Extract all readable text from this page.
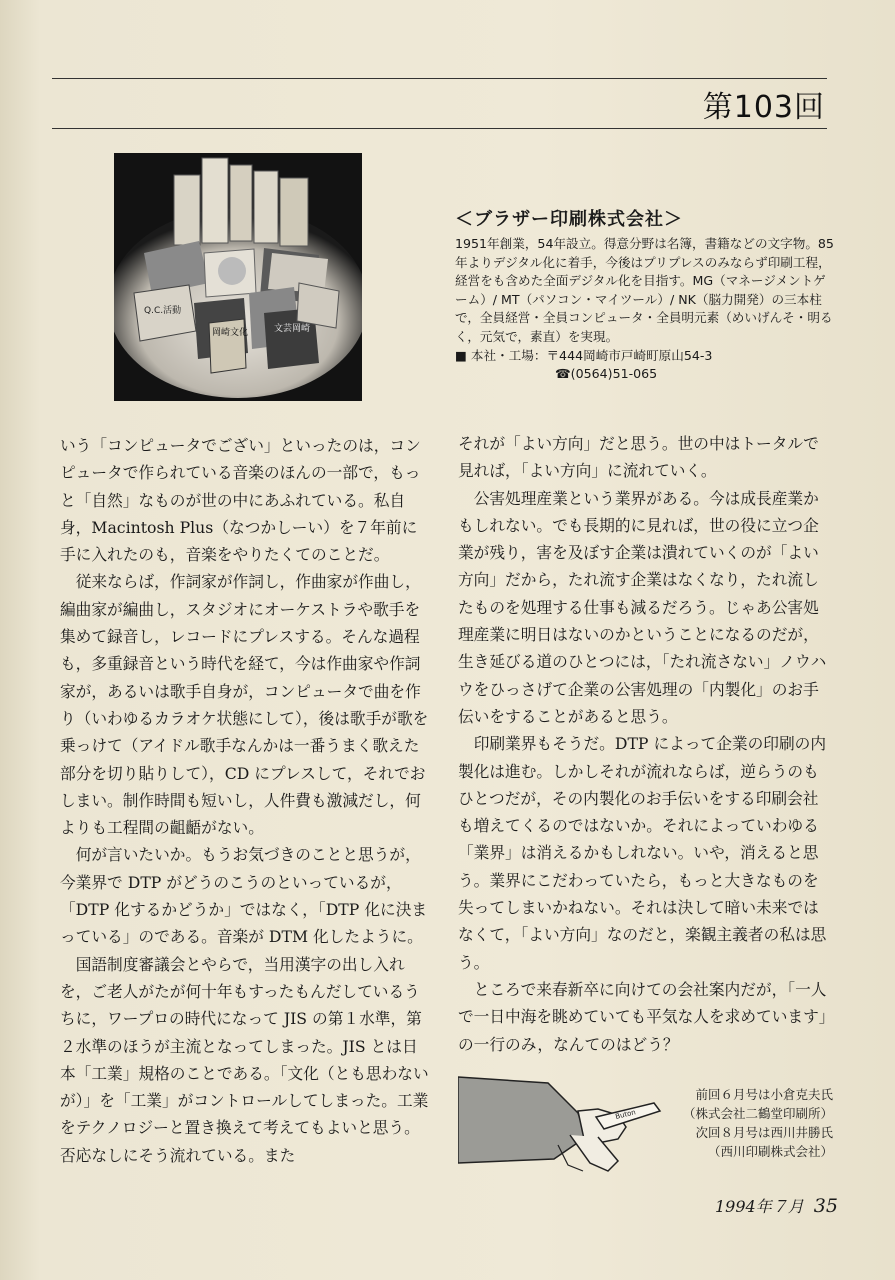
第103回
Q.C.活動
岡崎文化	文芸岡崎
＜ブラザー印刷株式会社＞
1951年創業，54年設立。得意分野は名簿，書籍などの文字物。85年よりデジタル化に着手，今後はプリプレスのみならず印刷工程，経営をも含めた全面デジタル化を目指す。MG（マネージメントゲーム）/ MT（パソコン・マイツール）/ NK（脳力開発）の三本柱で，全員経営・全員コンピュータ・全員明元素（めいげんそ・明るく，元気で，素直）を実現。
■ 本社・工場：〒444岡崎市戸崎町原山54-3
☎(0564)51-065

いう「コンピュータでござい」といったのは，コンピュータで作られている音楽のほんの一部で，もっと「自然」なものが世の中にあふれている。私自身，Macintosh Plus（なつかしーい）を７年前に手に入れたのも，音楽をやりたくてのことだ。

従来ならば，作詞家が作詞し，作曲家が作曲し，編曲家が編曲し，スタジオにオーケストラや歌手を集めて録音し，レコードにプレスする。そんな過程も，多重録音という時代を経て，今は作曲家や作詞家が，あるいは歌手自身が，コンピュータで曲を作り（いわゆるカラオケ状態にして），後は歌手が歌を乗っけて（アイドル歌手なんかは一番うまく歌えた部分を切り貼りして），CD にプレスして，それでおしまい。制作時間も短いし，人件費も激減だし，何よりも工程間の齟齬がない。

何が言いたいか。もうお気づきのことと思うが，今業界で DTP がどうのこうのといっているが，「DTP 化するかどうか」ではなく，「DTP 化に決まっている」のである。音楽が DTM 化したように。

国語制度審議会とやらで，当用漢字の出し入れを，ご老人がたが何十年もすったもんだしているうちに，ワープロの時代になって JIS の第１水準，第２水準のほうが主流となってしまった。JIS とは日本「工業」規格のことである。「文化（とも思わないが）」を「工業」がコントロールしてしまった。工業をテクノロジーと置き換えて考えてもよいと思う。否応なしにそう流れている。また

それが「よい方向」だと思う。世の中はトータルで見れば，「よい方向」に流れていく。

公害処理産業という業界がある。今は成長産業かもしれない。でも長期的に見れば，世の役に立つ企業が残り，害を及ぼす企業は潰れていくのが「よい方向」だから，たれ流す企業はなくなり，たれ流したものを処理する仕事も減るだろう。じゃあ公害処理産業に明日はないのかということになるのだが，生き延びる道のひとつには，「たれ流さない」ノウハウをひっさげて企業の公害処理の「内製化」のお手伝いをすることがあると思う。

印刷業界もそうだ。DTP によって企業の印刷の内製化は進む。しかしそれが流れならば，逆らうのもひとつだが，その内製化のお手伝いをする印刷会社も増えてくるのではないか。それによっていわゆる「業界」は消えるかもしれない。いや，消えると思う。業界にこだわっていたら，もっと大きなものを失ってしまいかねない。それは決して暗い未来ではなくて，「よい方向」なのだと，楽観主義者の私は思う。

ところで来春新卒に向けての会社案内だが，「一人で一日中海を眺めていても平気な人を求めています」の一行のみ，なんてのはどう？

Buton
前回６月号は小倉克夫氏
（株式会社二鶴堂印刷所）
次回８月号は西川井勝氏
（西川印刷株式会社）
1994年７月 35
